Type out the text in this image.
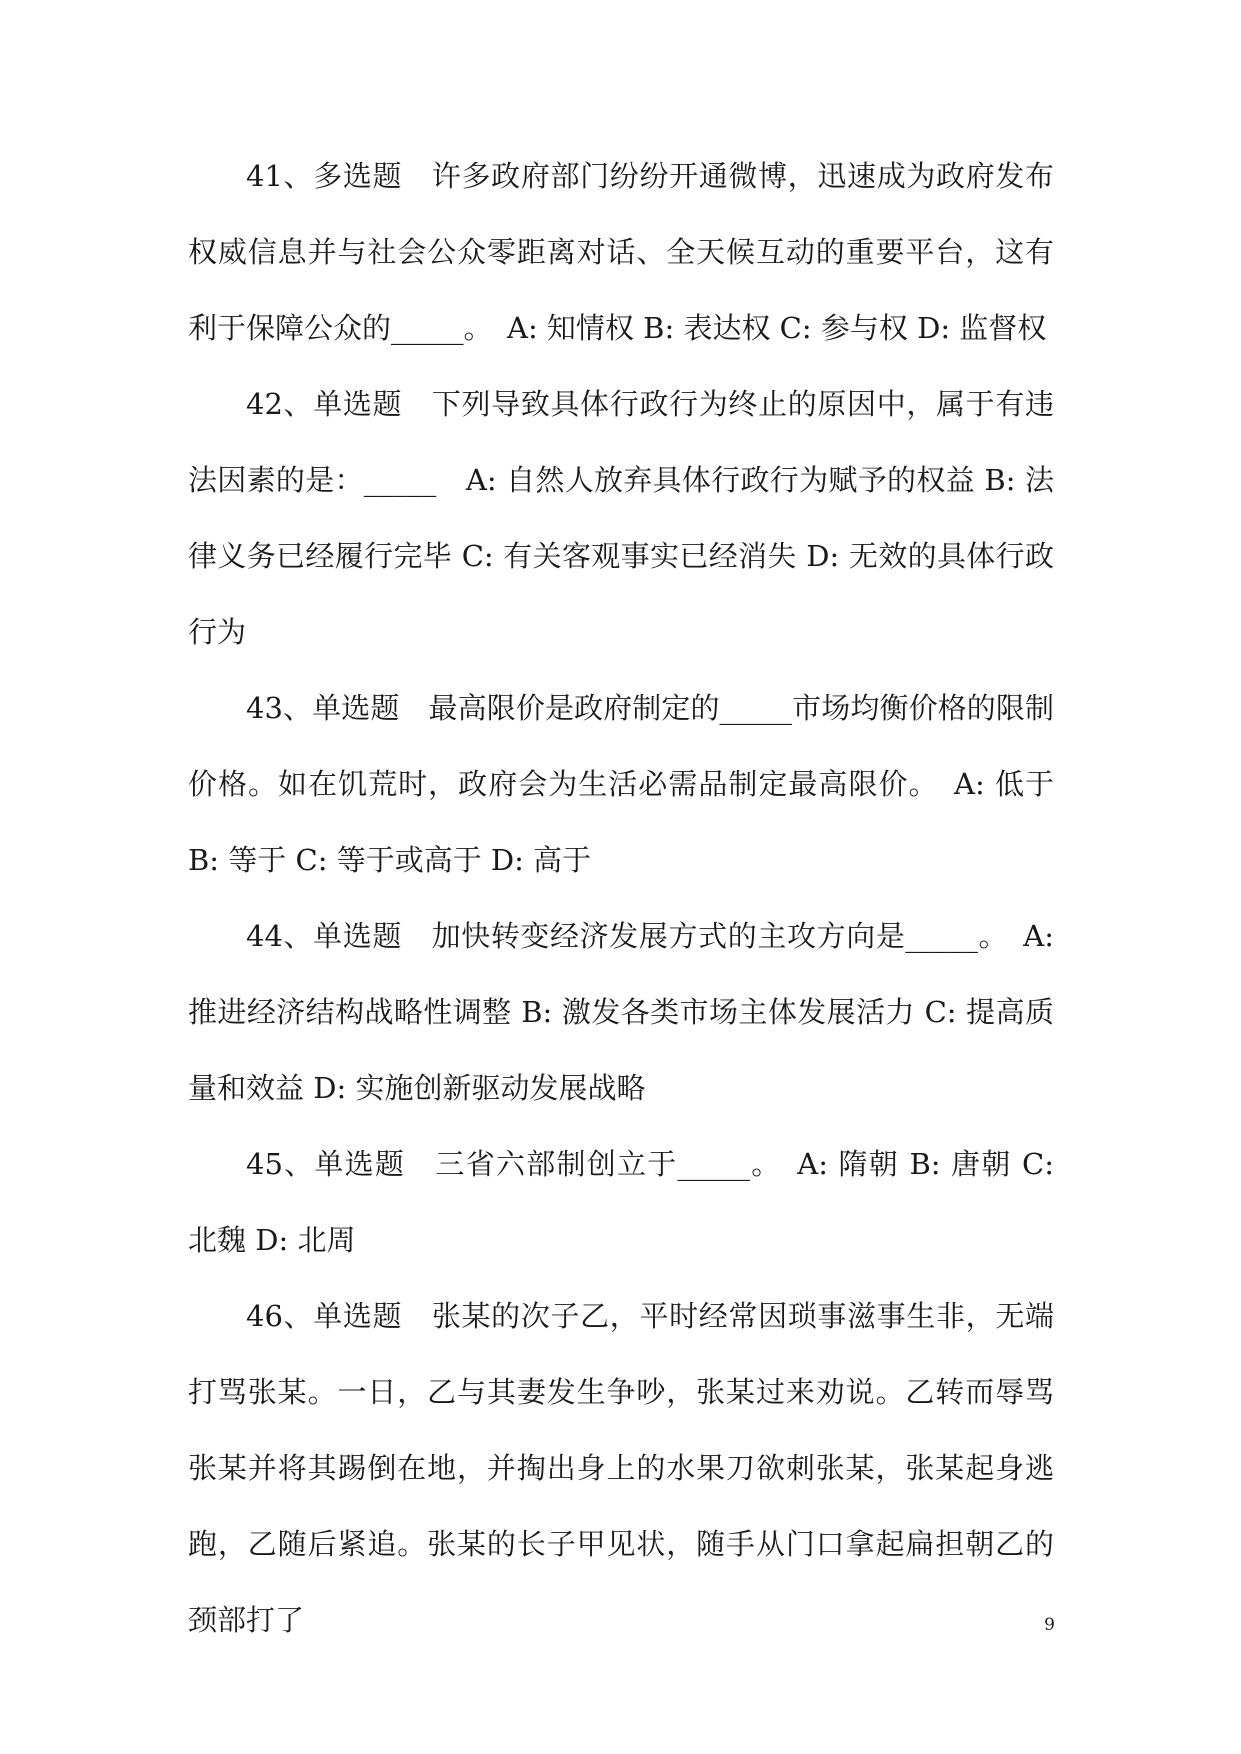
41、多选题　许多政府部门纷纷开通微博，迅速成为政府发布权威信息并与社会公众零距离对话、全天候互动的重要平台，这有利于保障公众的_____。　A: 知情权 B: 表达权 C: 参与权 D: 监督权

42、单选题　下列导致具体行政行为终止的原因中，属于有违法因素的是：_____　A: 自然人放弃具体行政行为赋予的权益 B: 法律义务已经履行完毕 C: 有关客观事实已经消失 D: 无效的具体行政行为

43、单选题　最高限价是政府制定的_____市场均衡价格的限制价格。如在饥荒时，政府会为生活必需品制定最高限价。　A: 低于 B: 等于 C: 等于或高于 D: 高于

44、单选题　加快转变经济发展方式的主攻方向是_____。　A: 推进经济结构战略性调整 B: 激发各类市场主体发展活力 C: 提高质量和效益 D: 实施创新驱动发展战略

45、单选题　三省六部制创立于_____。　A: 隋朝 B: 唐朝 C: 北魏 D: 北周

46、单选题　张某的次子乙，平时经常因琐事滋事生非，无端打骂张某。一日，乙与其妻发生争吵，张某过来劝说。乙转而辱骂张某并将其踢倒在地，并掏出身上的水果刀欲刺张某，张某起身逃跑，乙随后紧追。张某的长子甲见状，随手从门口拿起扁担朝乙的颈部打了	9
